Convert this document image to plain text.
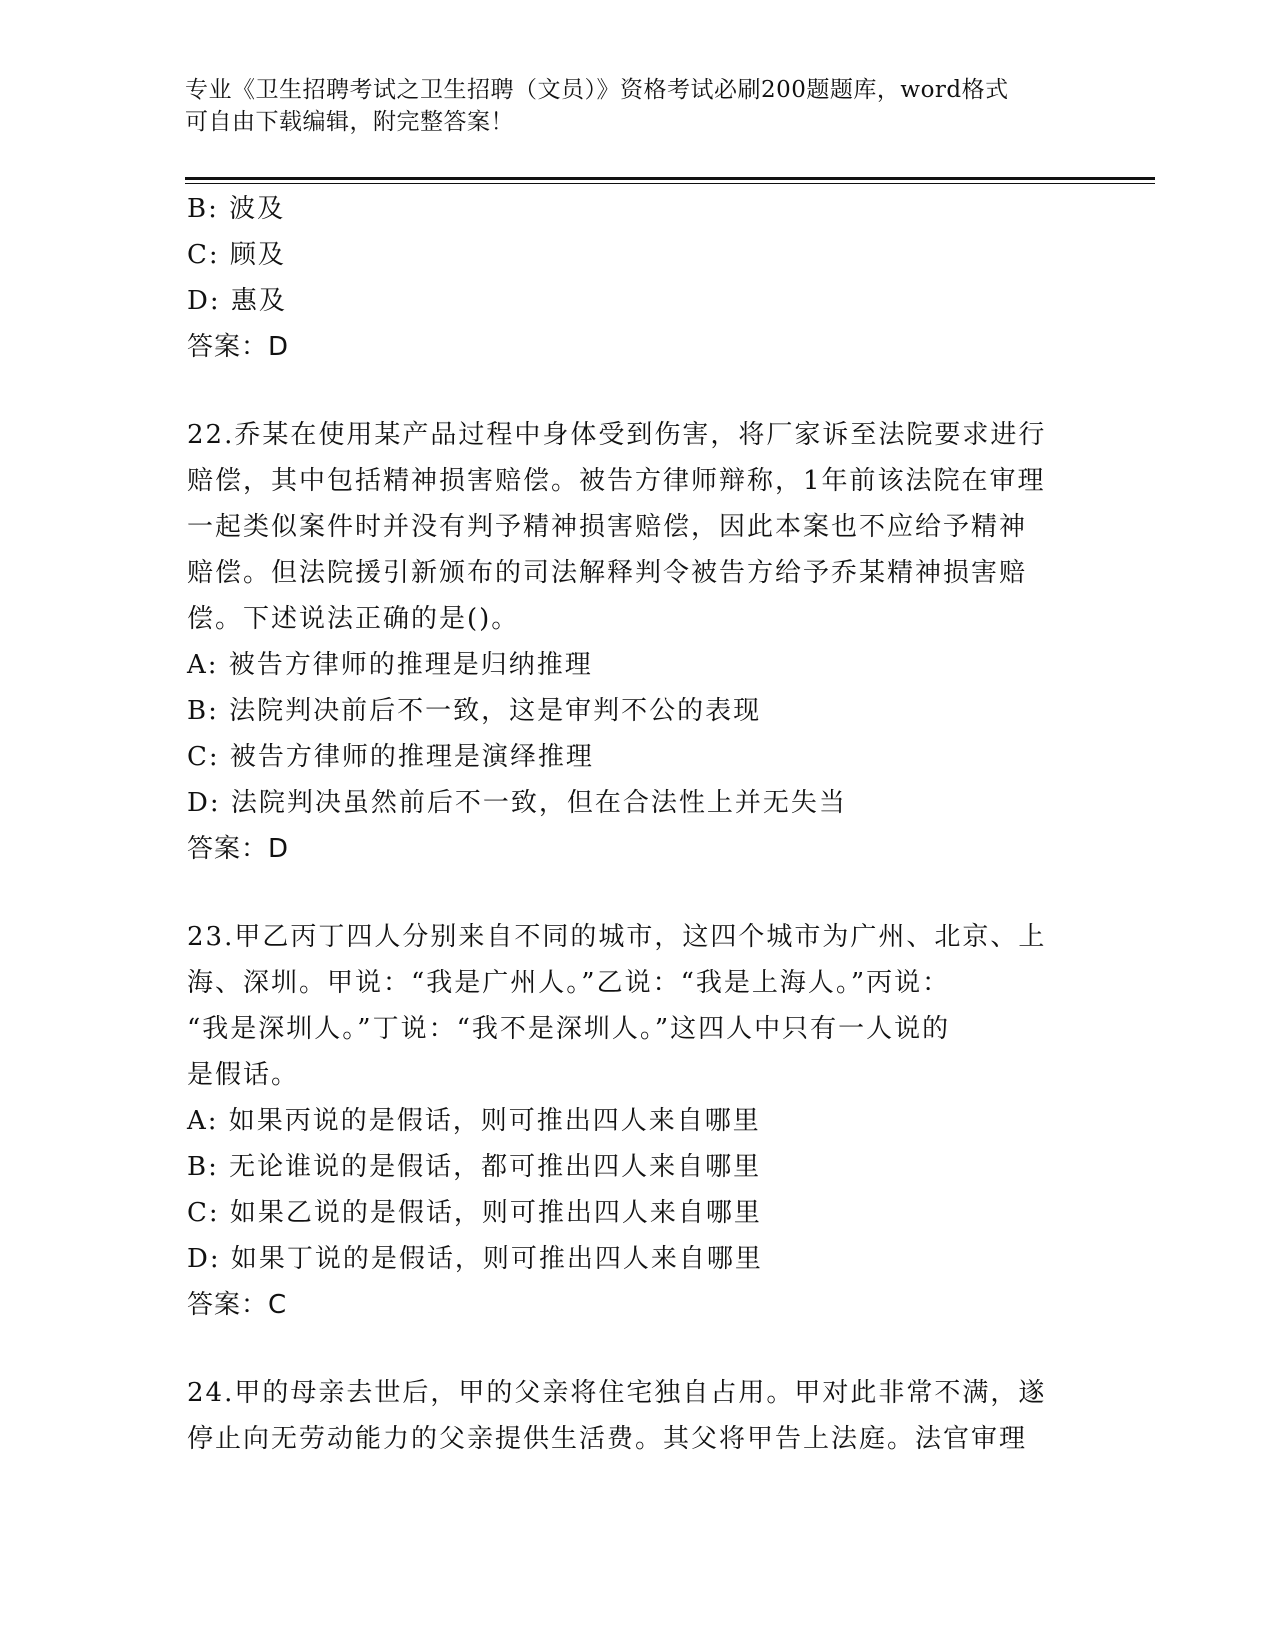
专业《卫生招聘考试之卫生招聘（文员）》资格考试必刷200题题库，word格式
可自由下载编辑，附完整答案！
B: 波及
C: 顾及
D: 惠及
答案：D
22.乔某在使用某产品过程中身体受到伤害，将厂家诉至法院要求进行
赔偿，其中包括精神损害赔偿。被告方律师辩称，1年前该法院在审理
一起类似案件时并没有判予精神损害赔偿，因此本案也不应给予精神
赔偿。但法院援引新颁布的司法解释判令被告方给予乔某精神损害赔
偿。下述说法正确的是()。
A: 被告方律师的推理是归纳推理
B: 法院判决前后不一致，这是审判不公的表现
C: 被告方律师的推理是演绎推理
D: 法院判决虽然前后不一致，但在合法性上并无失当
答案：D
23.甲乙丙丁四人分别来自不同的城市，这四个城市为广州、北京、上
海、深圳。甲说：“我是广州人。”乙说：“我是上海人。”丙说：
“我是深圳人。”丁说：“我不是深圳人。”这四人中只有一人说的
是假话。
A: 如果丙说的是假话，则可推出四人来自哪里
B: 无论谁说的是假话，都可推出四人来自哪里
C: 如果乙说的是假话，则可推出四人来自哪里
D: 如果丁说的是假话，则可推出四人来自哪里
答案：C
24.甲的母亲去世后，甲的父亲将住宅独自占用。甲对此非常不满，遂
停止向无劳动能力的父亲提供生活费。其父将甲告上法庭。法官审理
